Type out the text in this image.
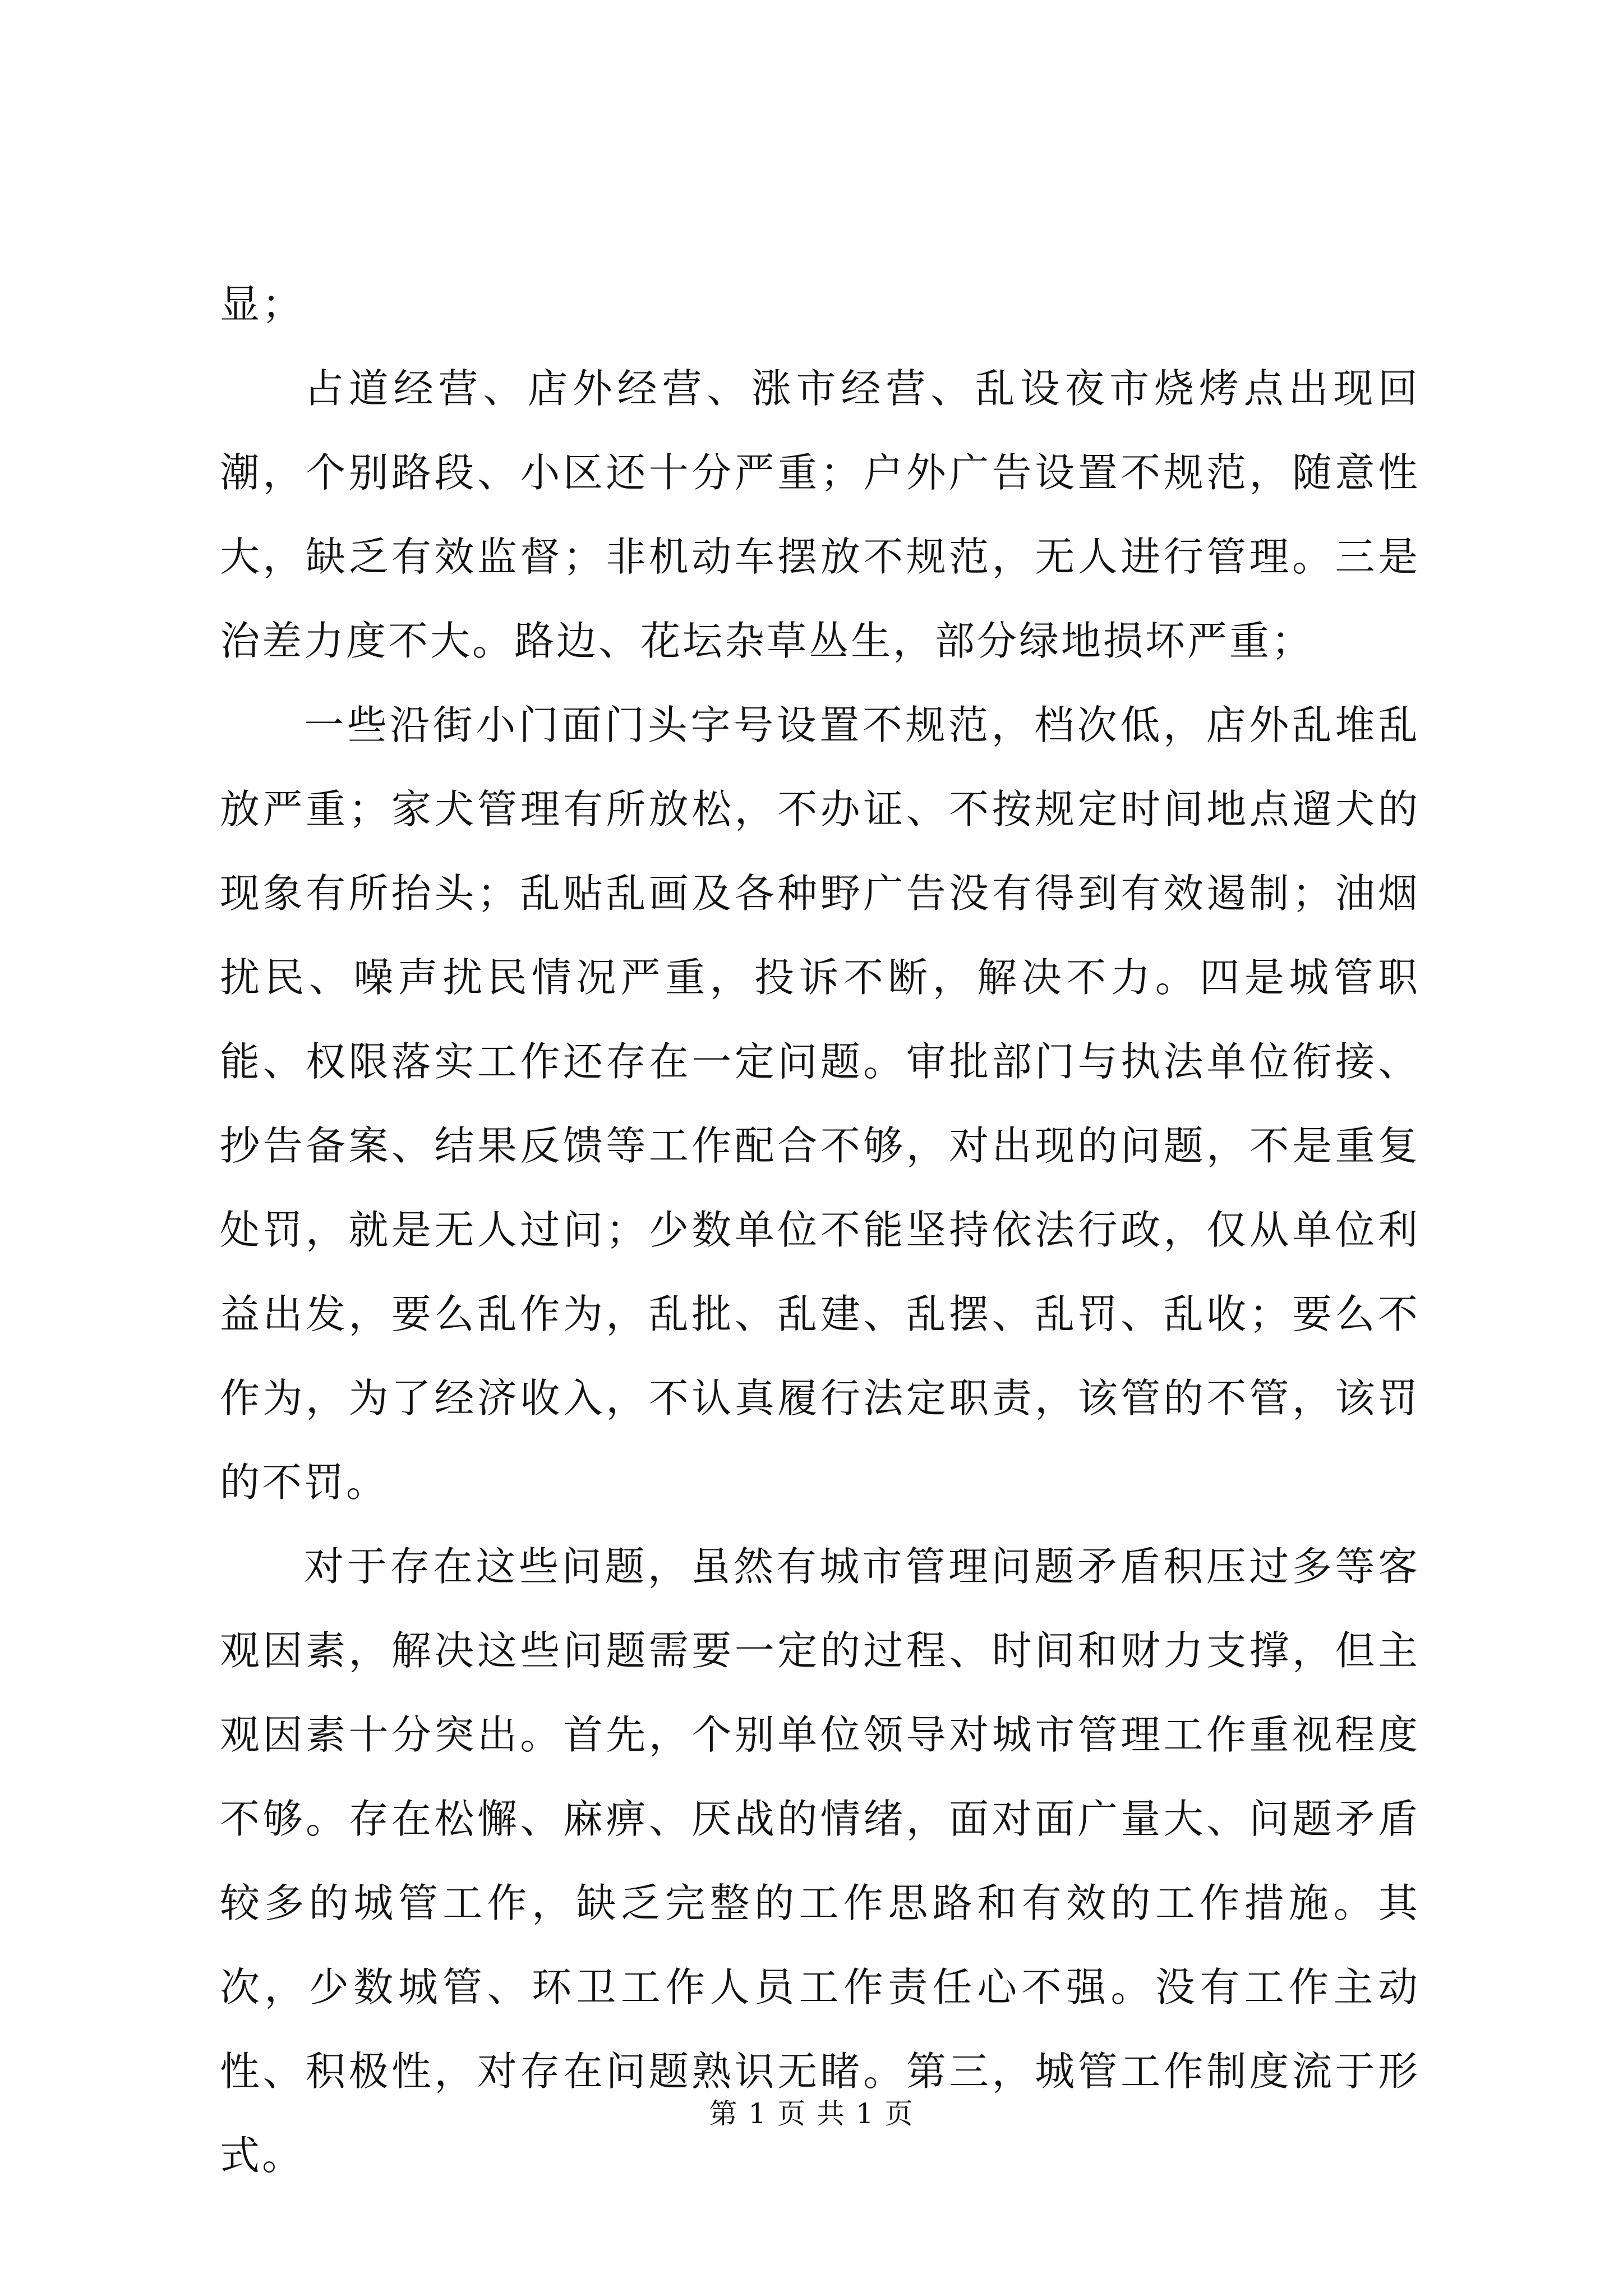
显；

占道经营、店外经营、涨市经营、乱设夜市烧烤点出现回潮，个别路段、小区还十分严重；户外广告设置不规范，随意性大，缺乏有效监督；非机动车摆放不规范，无人进行管理。三是治差力度不大。路边、花坛杂草丛生，部分绿地损坏严重；

一些沿街小门面门头字号设置不规范，档次低，店外乱堆乱放严重；家犬管理有所放松，不办证、不按规定时间地点遛犬的现象有所抬头；乱贴乱画及各种野广告没有得到有效遏制；油烟扰民、噪声扰民情况严重，投诉不断，解决不力。四是城管职能、权限落实工作还存在一定问题。审批部门与执法单位衔接、抄告备案、结果反馈等工作配合不够，对出现的问题，不是重复处罚，就是无人过问；少数单位不能坚持依法行政，仅从单位利益出发，要么乱作为，乱批、乱建、乱摆、乱罚、乱收；要么不作为，为了经济收入，不认真履行法定职责，该管的不管，该罚的不罚。

对于存在这些问题，虽然有城市管理问题矛盾积压过多等客观因素，解决这些问题需要一定的过程、时间和财力支撑，但主观因素十分突出。首先，个别单位领导对城市管理工作重视程度不够。存在松懈、麻痹、厌战的情绪，面对面广量大、问题矛盾较多的城管工作，缺乏完整的工作思路和有效的工作措施。其次，少数城管、环卫工作人员工作责任心不强。没有工作主动性、积极性，对存在问题熟识无睹。第三，城管工作制度流于形式。

第 1 页 共 1 页
